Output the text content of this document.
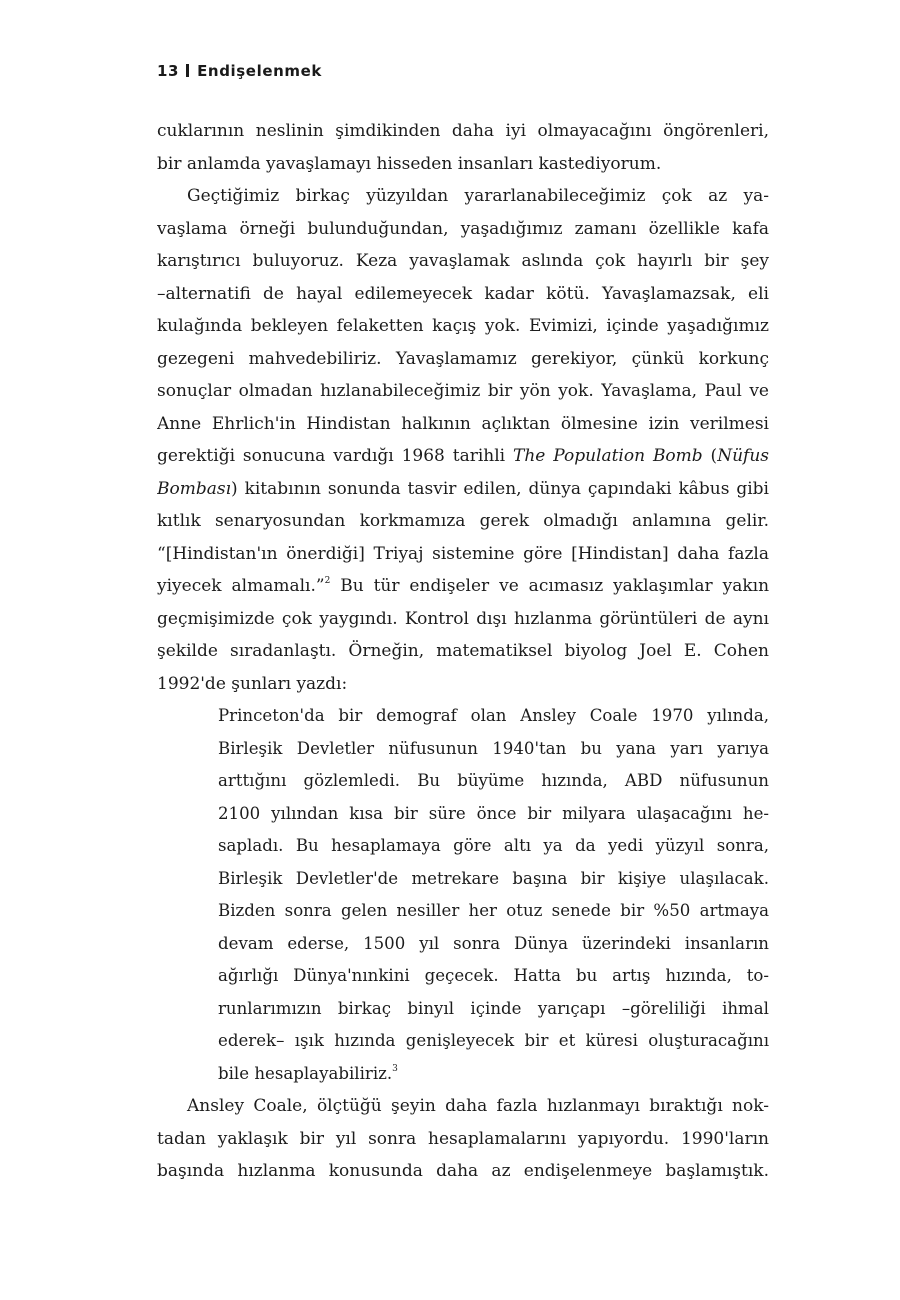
13 Endişelenmek

cuklarının neslinin şimdikinden daha iyi olmayacağını öngörenleri,
bir anlamda yavaşlamayı hisseden insanları kastediyorum.

Geçtiğimiz birkaç yüzyıldan yararlanabileceğimiz çok az ya-
vaşlama örneği bulunduğundan, yaşadığımız zamanı özellikle kafa
karıştırıcı buluyoruz. Keza yavaşlamak aslında çok hayırlı bir şey
–alternatifi de hayal edilemeyecek kadar kötü. Yavaşlamazsak, eli
kulağında bekleyen felaketten kaçış yok. Evimizi, içinde yaşadığımız
gezegeni mahvedebiliriz. Yavaşlamamız gerekiyor, çünkü korkunç
sonuçlar olmadan hızlanabileceğimiz bir yön yok. Yavaşlama, Paul ve
Anne Ehrlich'in Hindistan halkının açlıktan ölmesine izin verilmesi
gerektiği sonucuna vardığı 1968 tarihli The Population Bomb (Nüfus
Bombası) kitabının sonunda tasvir edilen, dünya çapındaki kâbus gibi
kıtlık senaryosundan korkmamıza gerek olmadığı anlamına gelir.
“[Hindistan'ın önerdiği] Triyaj sistemine göre [Hindistan] daha fazla
yiyecek almamalı.”$^2$ Bu tür endişeler ve acımasız yaklaşımlar yakın
geçmişimizde çok yaygındı. Kontrol dışı hızlanma görüntüleri de aynı
şekilde sıradanlaştı. Örneğin, matematiksel biyolog Joel E. Cohen
1992'de şunları yazdı:

Princeton'da bir demograf olan Ansley Coale 1970 yılında,
Birleşik Devletler nüfusunun 1940'tan bu yana yarı yarıya
arttığını gözlemledi. Bu büyüme hızında, ABD nüfusunun
2100 yılından kısa bir süre önce bir milyara ulaşacağını he-
sapladı. Bu hesaplamaya göre altı ya da yedi yüzyıl sonra,
Birleşik Devletler'de metrekare başına bir kişiye ulaşılacak.
Bizden sonra gelen nesiller her otuz senede bir %50 artmaya
devam ederse, 1500 yıl sonra Dünya üzerindeki insanların
ağırlığı Dünya'nınkini geçecek. Hatta bu artış hızında, to-
runlarımızın birkaç binyıl içinde yarıçapı –göreliliği ihmal
ederek– ışık hızında genişleyecek bir et küresi oluşturacağını
bile hesaplayabiliriz.$^3$

Ansley Coale, ölçtüğü şeyin daha fazla hızlanmayı bıraktığı nok-
tadan yaklaşık bir yıl sonra hesaplamalarını yapıyordu. 1990'ların
başında hızlanma konusunda daha az endişelenmeye başlamıştık.
